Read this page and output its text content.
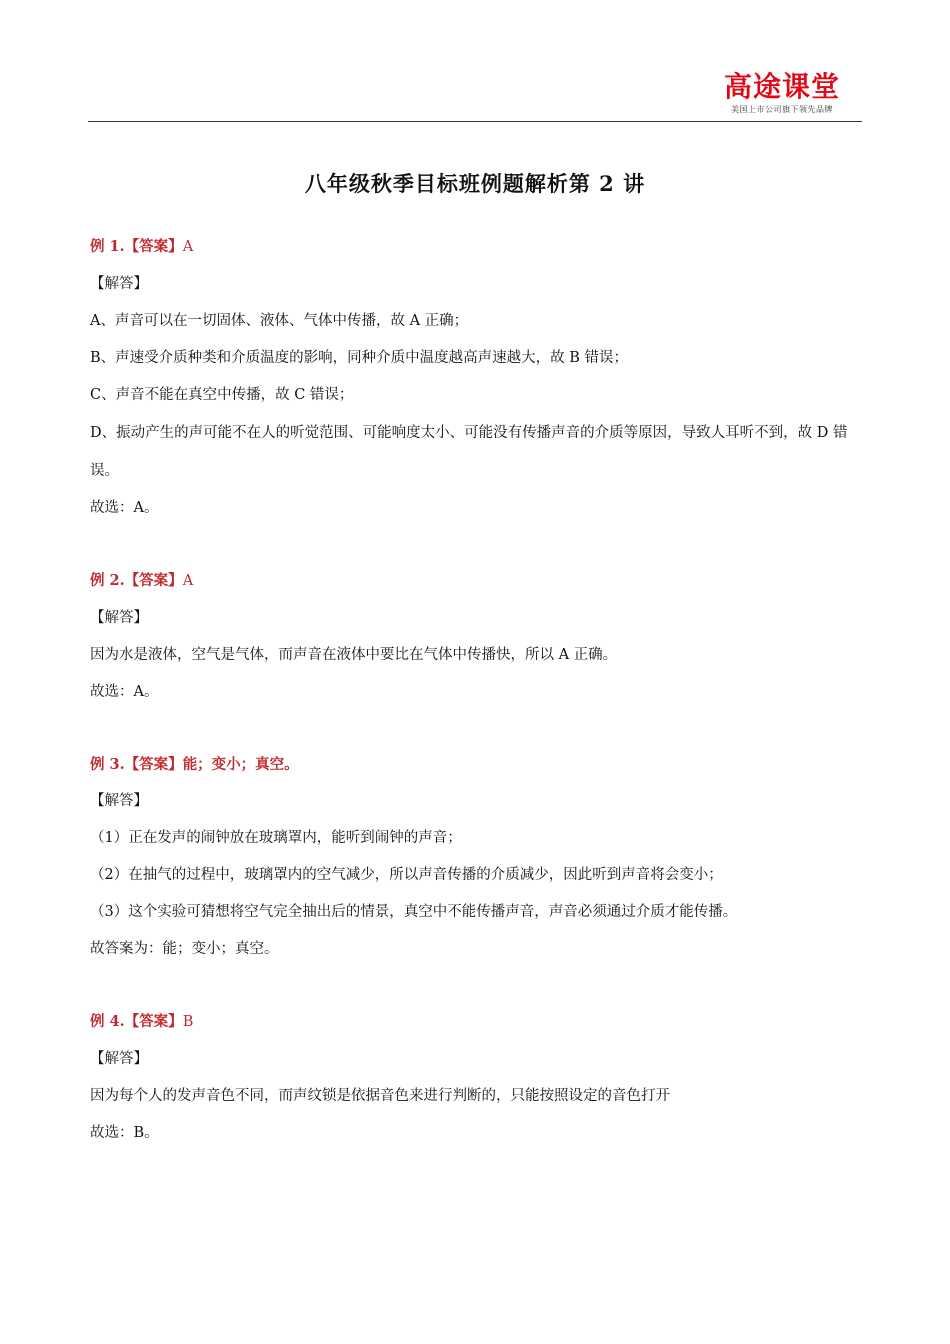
高途课堂
美国上市公司旗下领先品牌
八年级秋季目标班例题解析第 2 讲
例 1.【答案】A
【解答】
A、声音可以在一切固体、液体、气体中传播，故 A 正确；
B、声速受介质种类和介质温度的影响，同种介质中温度越高声速越大，故 B 错误；
C、声音不能在真空中传播，故 C 错误；
D、振动产生的声可能不在人的听觉范围、可能响度太小、可能没有传播声音的介质等原因，导致人耳听不到，故 D 错误。
故选：A。
例 2.【答案】A
【解答】
因为水是液体，空气是气体，而声音在液体中要比在气体中传播快，所以 A 正确。
故选：A。
例 3.【答案】能；变小；真空。
【解答】
（1）正在发声的闹钟放在玻璃罩内，能听到闹钟的声音；
（2）在抽气的过程中，玻璃罩内的空气减少，所以声音传播的介质减少，因此听到声音将会变小；
（3）这个实验可猜想将空气完全抽出后的情景，真空中不能传播声音，声音必须通过介质才能传播。
故答案为：能；变小；真空。
例 4.【答案】B
【解答】
因为每个人的发声音色不同，而声纹锁是依据音色来进行判断的，只能按照设定的音色打开
故选：B。
